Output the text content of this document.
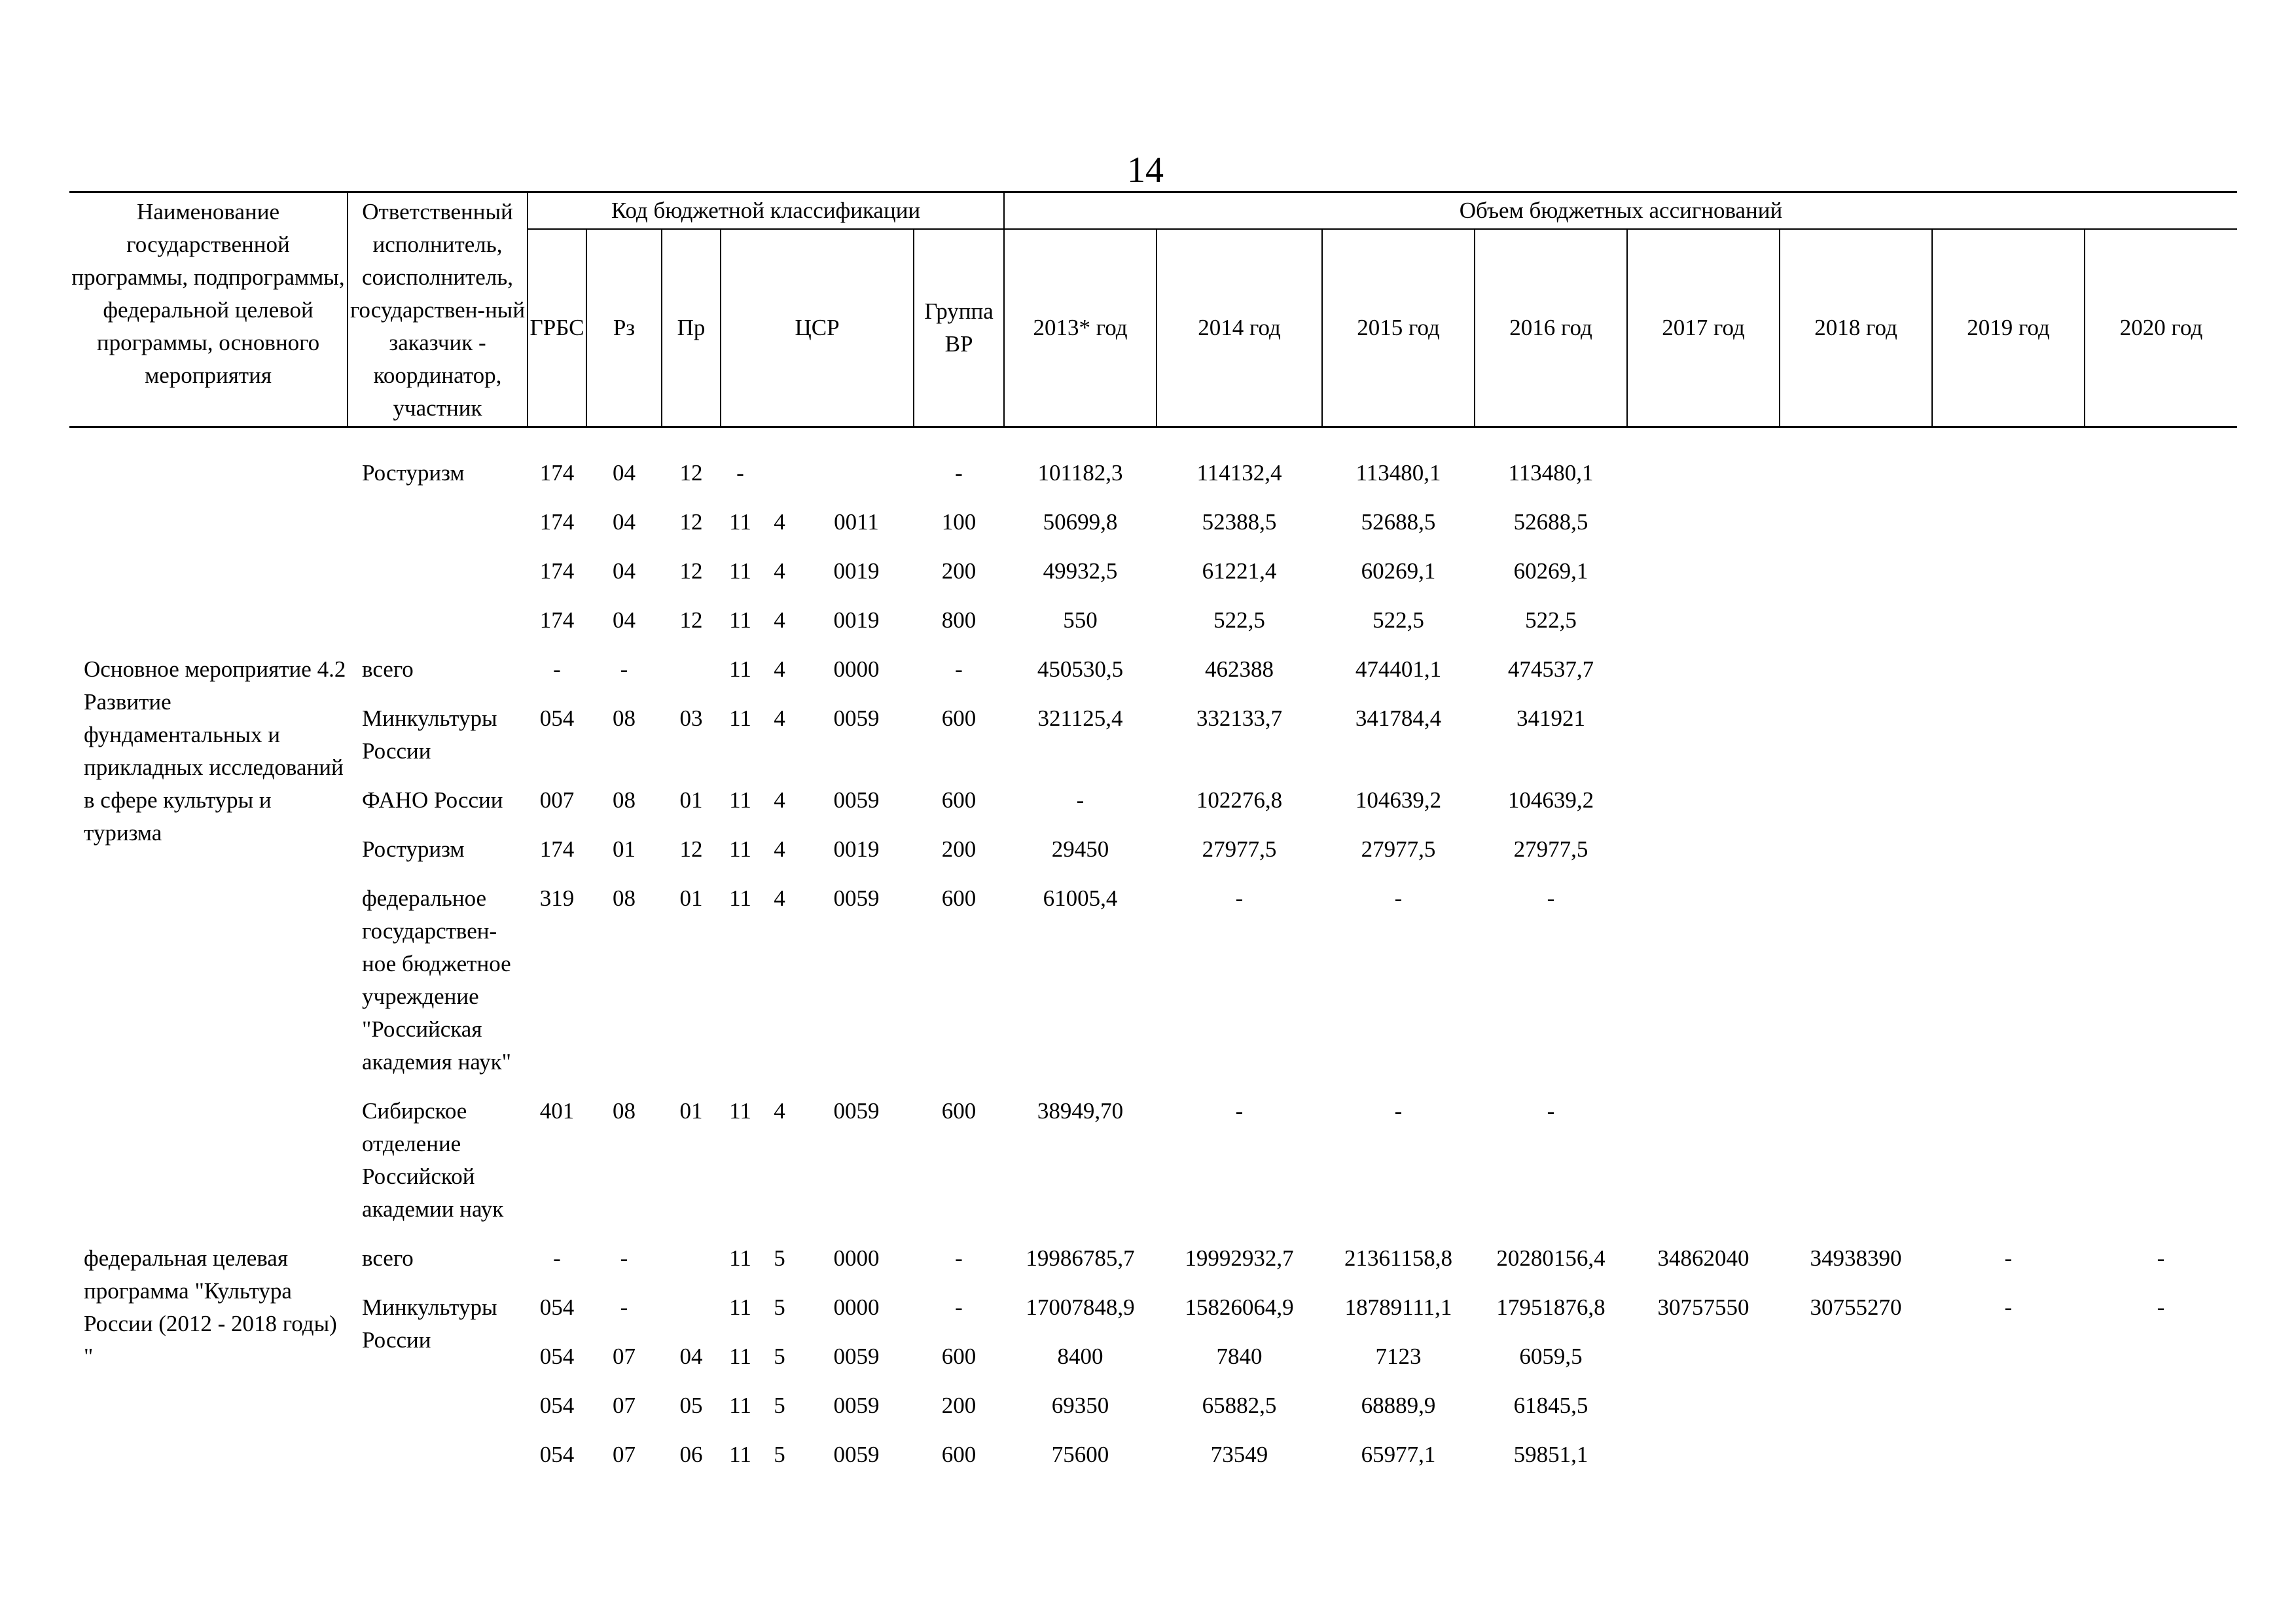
14
Наименование государственной программы, подпрограммы, федеральной целевой программы, основного мероприятия	Ответственный исполнитель, соисполнитель, государствен-ный заказчик - координатор, участник	Код бюджетной классификации							Объем бюджетных ассигнований							
		ГРБС	Рз	Пр	ЦСР			Группа ВР	2013* год	2014 год	2015 год	2016 год	2017 год	2018 год	2019 год	2020 год

	Ростуризм	174	04	12	-			-	101182,3	114132,4	113480,1	113480,1				
		174	04	12	11	4	0011	100	50699,8	52388,5	52688,5	52688,5				
		174	04	12	11	4	0019	200	49932,5	61221,4	60269,1	60269,1				
		174	04	12	11	4	0019	800	550	522,5	522,5	522,5				
Основное мероприятие 4.2 Развитие фундаментальных и прикладных исследований в сфере культуры и туризма	всего	-	-		11	4	0000	-	450530,5	462388	474401,1	474537,7				
	Минкультуры России	054	08	03	11	4	0059	600	321125,4	332133,7	341784,4	341921				
	ФАНО России	007	08	01	11	4	0059	600	-	102276,8	104639,2	104639,2				
	Ростуризм	174	01	12	11	4	0019	200	29450	27977,5	27977,5	27977,5				
	федеральное государствен-ное бюджетное учреждение "Российская академия наук"	319	08	01	11	4	0059	600	61005,4	-	-	-				
	Сибирское отделение Российской академии наук	401	08	01	11	4	0059	600	38949,70	-	-	-				
федеральная целевая программа "Культура России (2012 - 2018 годы) "	всего	-	-		11	5	0000	-	19986785,7	19992932,7	21361158,8	20280156,4	34862040	34938390	-	-
	Минкультуры России	054	-		11	5	0000	-	17007848,9	15826064,9	18789111,1	17951876,8	30757550	30755270	-	-
		054	07	04	11	5	0059	600	8400	7840	7123	6059,5				
		054	07	05	11	5	0059	200	69350	65882,5	68889,9	61845,5				
		054	07	06	11	5	0059	600	75600	73549	65977,1	59851,1				
